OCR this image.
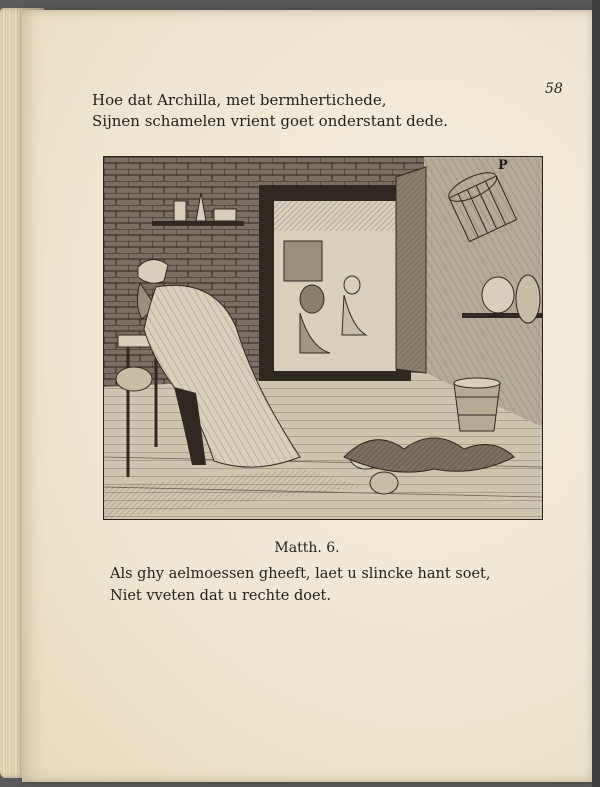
58

Hoe dat Archilla, met bermhertichede,
Sijnen schamelen vrient goet onderstant dede.

P

Matth. 6.

Als ghy aelmoessen gheeft, laet u slincke hant soet,
Niet vveten dat u rechte doet.
